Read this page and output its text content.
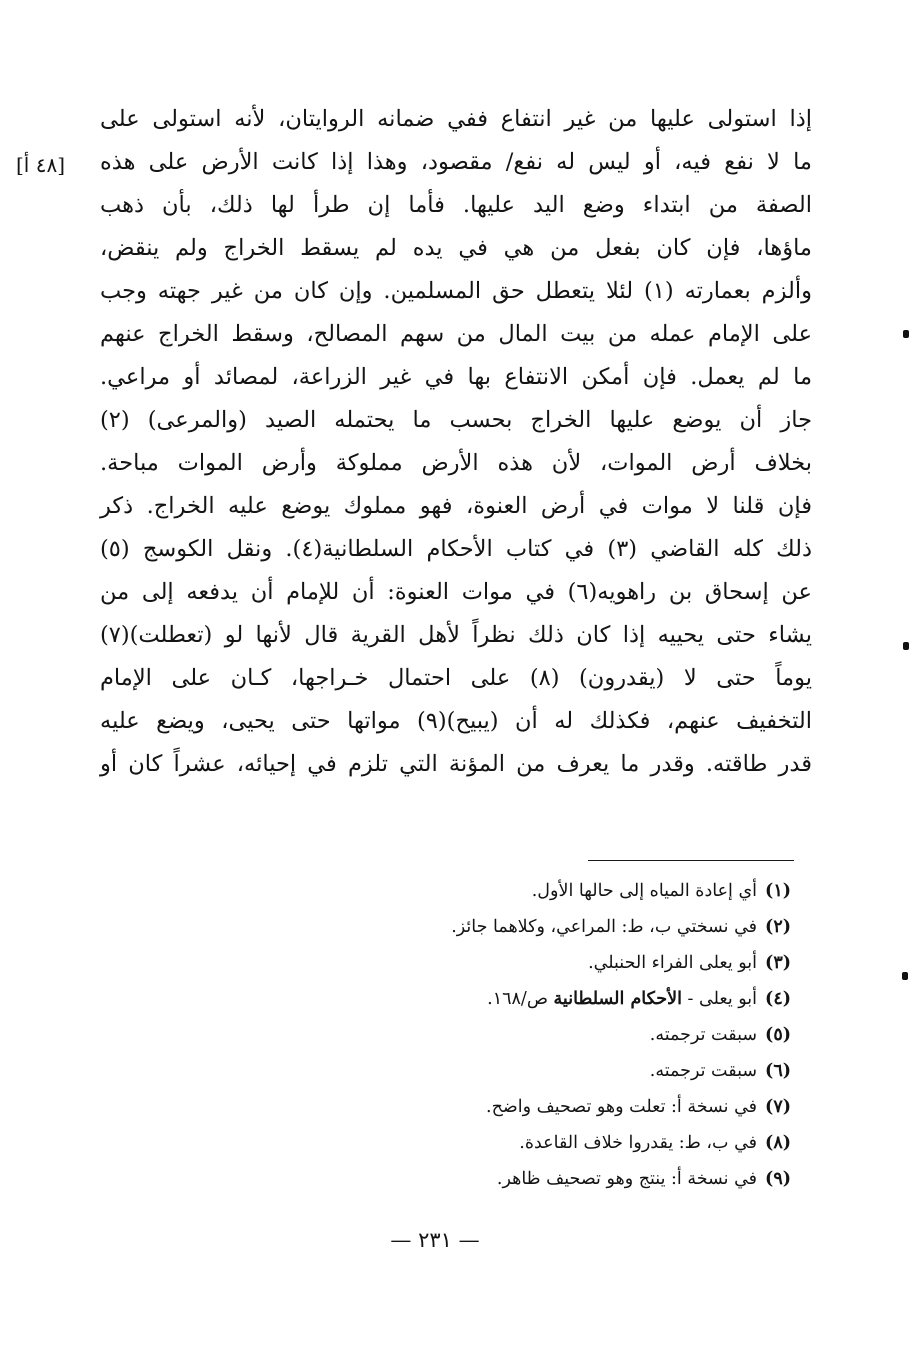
[٤٨ أ]
إذا استولى عليها من غير انتفاع ففي ضمانه الروايتان، لأنه استولى على
ما لا نفع فيه، أو ليس له نفع/ مقصود، وهذا إذا كانت الأرض على هذه
الصفة من ابتداء وضع اليد عليها. فأما إن طرأ لها ذلك، بأن ذهب
ماؤها، فإن كان بفعل من هي في يده لم يسقط الخراج ولم ينقض،
وألزم بعمارته (١) لئلا يتعطل حق المسلمين. وإن كان من غير جهته وجب
على الإمام عمله من بيت المال من سهم المصالح، وسقط الخراج عنهم
ما لم يعمل. فإن أمكن الانتفاع بها في غير الزراعة، لمصائد أو مراعي.
جاز أن يوضع عليها الخراج بحسب ما يحتمله الصيد (والمرعى) (٢)
بخلاف أرض الموات، لأن هذه الأرض مملوكة وأرض الموات مباحة.
فإن قلنا لا موات في أرض العنوة، فهو مملوك يوضع عليه الخراج. ذكر
ذلك كله القاضي (٣) في كتاب الأحكام السلطانية(٤). ونقل الكوسج (٥)
عن إسحاق بن راهويه(٦) في موات العنوة: أن للإمام أن يدفعه إلى من
يشاء حتى يحييه إذا كان ذلك نظراً لأهل القرية قال لأنها لو (تعطلت)(٧)
يوماً حتى لا (يقدرون) (٨) على احتمال خـراجها، كـان على الإمام
التخفيف عنهم، فكذلك له أن (يبيح)(٩) مواتها حتى يحيى، ويضع عليه
قدر طاقته. وقدر ما يعرف من المؤنة التي تلزم في إحيائه، عشراً كان أو
(١)أي إعادة المياه إلى حالها الأول.
(٢)في نسختي ب، ط: المراعي، وكلاهما جائز.
(٣)أبو يعلى الفراء الحنبلي.
(٤)أبو يعلى - الأحكام السلطانية ص/١٦٨.
(٥)سبقت ترجمته.
(٦)سبقت ترجمته.
(٧)في نسخة أ: تعلت وهو تصحيف واضح.
(٨)في ب، ط: يقدروا خلاف القاعدة.
(٩)في نسخة أ: ينتج وهو تصحيف ظاهر.
— ٢٣١ —
